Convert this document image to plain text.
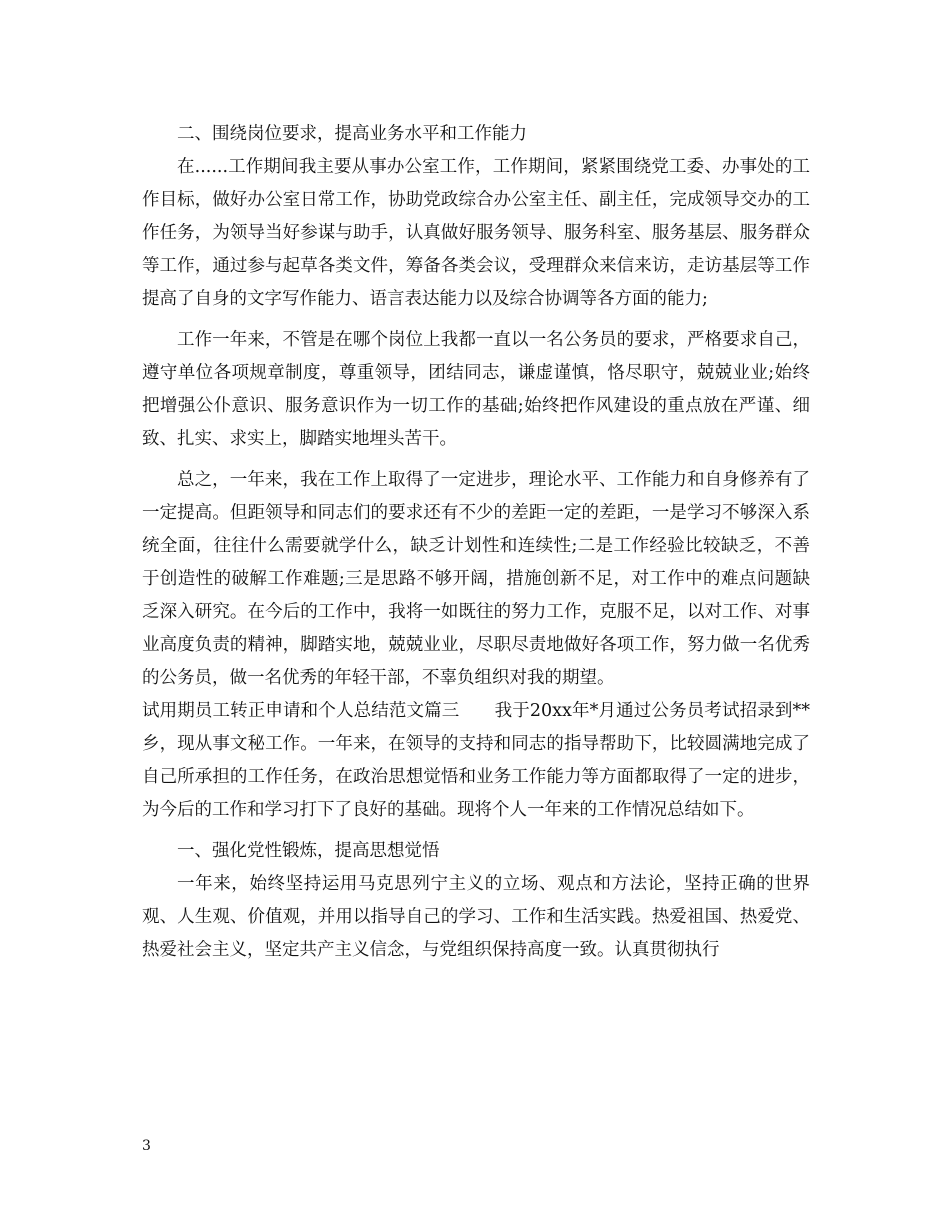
二、围绕岗位要求，提高业务水平和工作能力

在......工作期间我主要从事办公室工作，工作期间，紧紧围绕党工委、办事处的工作目标，做好办公室日常工作，协助党政综合办公室主任、副主任，完成领导交办的工作任务，为领导当好参谋与助手，认真做好服务领导、服务科室、服务基层、服务群众等工作，通过参与起草各类文件，筹备各类会议，受理群众来信来访，走访基层等工作提高了自身的文字写作能力、语言表达能力以及综合协调等各方面的能力;

工作一年来，不管是在哪个岗位上我都一直以一名公务员的要求，严格要求自己，遵守单位各项规章制度，尊重领导，团结同志，谦虚谨慎，恪尽职守，兢兢业业;始终把增强公仆意识、服务意识作为一切工作的基础;始终把作风建设的重点放在严谨、细致、扎实、求实上，脚踏实地埋头苦干。

总之，一年来，我在工作上取得了一定进步，理论水平、工作能力和自身修养有了一定提高。但距领导和同志们的要求还有不少的差距一定的差距，一是学习不够深入系统全面，往往什么需要就学什么，缺乏计划性和连续性;二是工作经验比较缺乏，不善于创造性的破解工作难题;三是思路不够开阔，措施创新不足，对工作中的难点问题缺乏深入研究。在今后的工作中，我将一如既往的努力工作，克服不足，以对工作、对事业高度负责的精神，脚踏实地，兢兢业业，尽职尽责地做好各项工作，努力做一名优秀的公务员，做一名优秀的年轻干部，不辜负组织对我的期望。

试用期员工转正申请和个人总结范文篇三　　我于20xx年*月通过公务员考试招录到**乡，现从事文秘工作。一年来，在领导的支持和同志的指导帮助下，比较圆满地完成了自己所承担的工作任务，在政治思想觉悟和业务工作能力等方面都取得了一定的进步，为今后的工作和学习打下了良好的基础。现将个人一年来的工作情况总结如下。

一、强化党性锻炼，提高思想觉悟

一年来，始终坚持运用马克思列宁主义的立场、观点和方法论，坚持正确的世界观、人生观、价值观，并用以指导自己的学习、工作和生活实践。热爱祖国、热爱党、热爱社会主义，坚定共产主义信念，与党组织保持高度一致。认真贯彻执行

3
